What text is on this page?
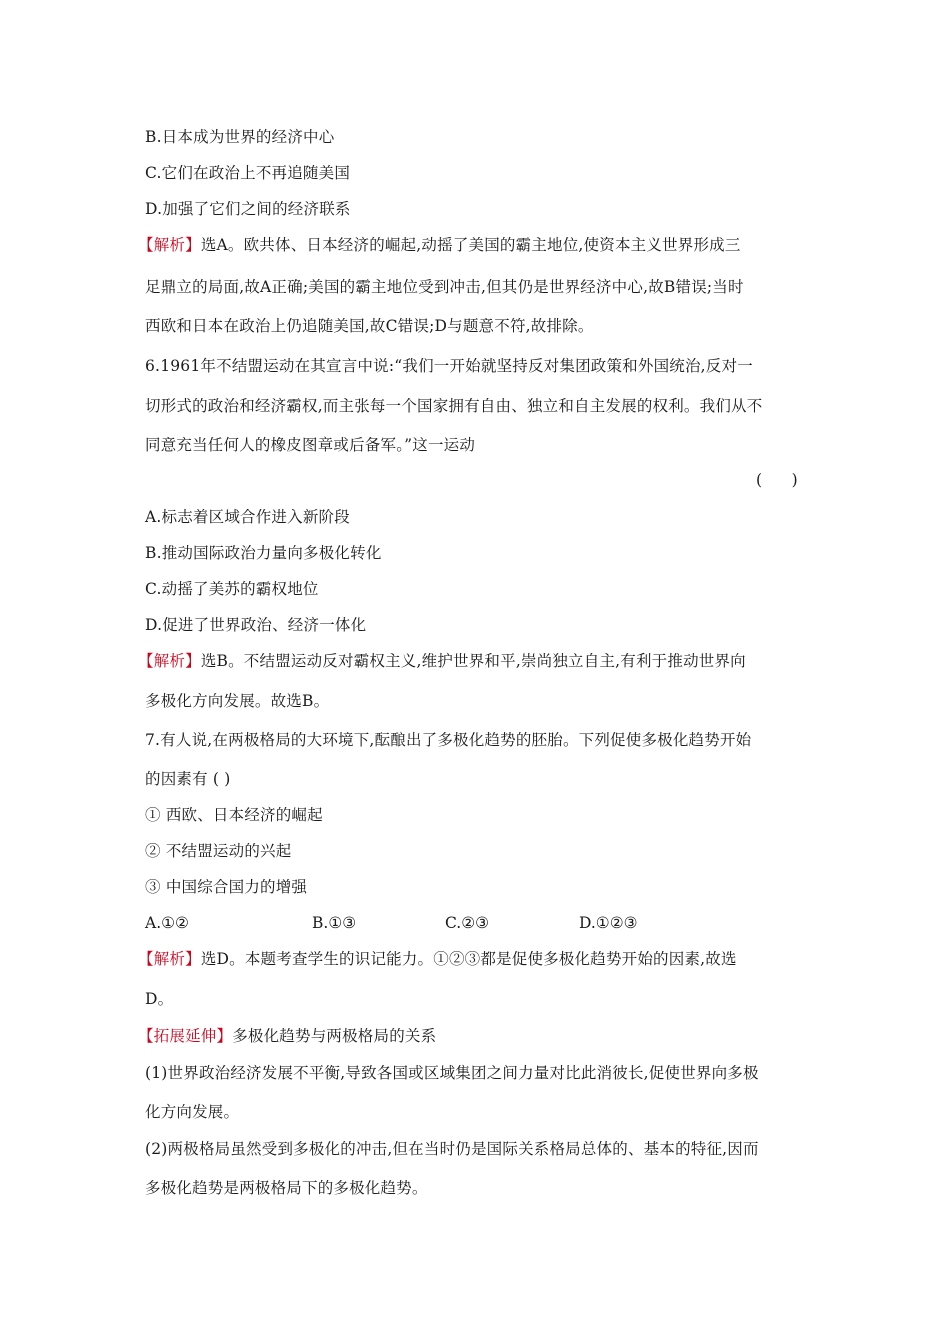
B.日本成为世界的经济中心
C.它们在政治上不再追随美国
D.加强了它们之间的经济联系
【解析】选A。欧共体、日本经济的崛起,动摇了美国的霸主地位,使资本主义世界形成三
足鼎立的局面,故A正确;美国的霸主地位受到冲击,但其仍是世界经济中心,故B错误;当时
西欧和日本在政治上仍追随美国,故C错误;D与题意不符,故排除。
6.1961年不结盟运动在其宣言中说:“我们一开始就坚持反对集团政策和外国统治,反对一
切形式的政治和经济霸权,而主张每一个国家拥有自由、独立和自主发展的权利。我们从不
同意充当任何人的橡皮图章或后备军。”这一运动
(      )
A.标志着区域合作进入新阶段
B.推动国际政治力量向多极化转化
C.动摇了美苏的霸权地位
D.促进了世界政治、经济一体化
【解析】选B。不结盟运动反对霸权主义,维护世界和平,崇尚独立自主,有利于推动世界向
多极化方向发展。故选B。
7.有人说,在两极格局的大环境下,酝酿出了多极化趋势的胚胎。下列促使多极化趋势开始
的因素有 ( )
① 西欧、日本经济的崛起
② 不结盟运动的兴起
③ 中国综合国力的增强
A.①②	B.①③	C.②③	D.①②③
【解析】选D。本题考查学生的识记能力。①②③都是促使多极化趋势开始的因素,故选
D。
【拓展延伸】多极化趋势与两极格局的关系
(1)世界政治经济发展不平衡,导致各国或区域集团之间力量对比此消彼长,促使世界向多极
化方向发展。
(2)两极格局虽然受到多极化的冲击,但在当时仍是国际关系格局总体的、基本的特征,因而
多极化趋势是两极格局下的多极化趋势。
